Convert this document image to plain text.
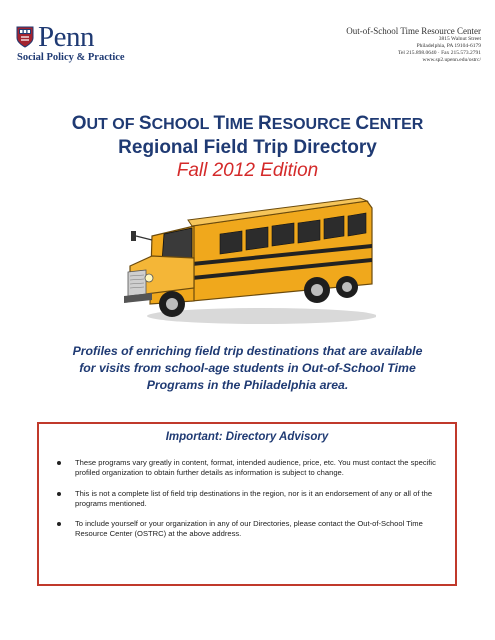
Penn
Social Policy & Practice
Out-of-School Time Resource Center
3815 Walnut Street
Philadelphia, PA 19104-6179
Tel 215.898.0640 · Fax 215.573.2791
www.sp2.upenn.edu/ostrc/
OUT OF SCHOOL TIME RESOURCE CENTER
Regional Field Trip Directory
Fall 2012 Edition
Profiles of enriching field trip destinations that are available
for visits from school-age students in Out-of-School Time
Programs in the Philadelphia area.
Important: Directory Advisory
These programs vary greatly in content, format, intended audience, price, etc. You must contact the specific profiled organization to obtain further details as information is subject to change.
This is not a complete list of field trip destinations in the region, nor is it an endorsement of any or all of the programs mentioned.
To include yourself or your organization in any of our Directories, please contact the Out-of-School Time Resource Center (OSTRC) at the above address.
